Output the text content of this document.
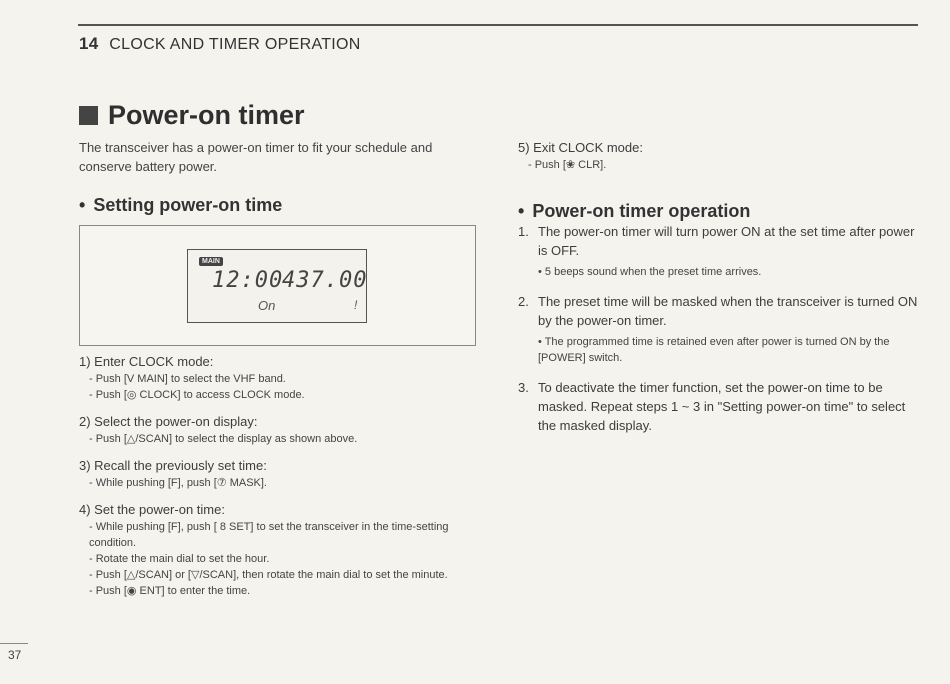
14 CLOCK AND TIMER OPERATION
Power-on timer
The transceiver has a power-on timer to fit your schedule and conserve battery power.
• Setting power-on time
MAIN
12:00
437.00
On	!
1) Enter CLOCK mode:
- Push [V MAIN] to select the VHF band.
- Push [◎ CLOCK] to access CLOCK mode.
2) Select the power-on display:
- Push [△/SCAN] to select the display as shown above.
3) Recall the previously set time:
- While pushing [F], push [⑦ MASK].
4) Set the power-on time:
- While pushing [F], push [ 8 SET] to set the transceiver in the time-setting condition.
- Rotate the main dial to set the hour.
- Push [△/SCAN] or [▽/SCAN], then rotate the main dial to set the minute.
- Push [◉ ENT] to enter the time.
5) Exit CLOCK mode:
- Push [❀ CLR].
• Power-on timer operation
1. The power-on timer will turn power ON at the set time after power is OFF.
• 5 beeps sound when the preset time arrives.
2. The preset time will be masked when the transceiver is turned ON by the power-on timer.
• The programmed time is retained even after power is turned ON by the [POWER] switch.
3. To deactivate the timer function, set the power-on time to be masked. Repeat steps 1 ~ 3 in "Setting power-on time" to select the masked display.
37
